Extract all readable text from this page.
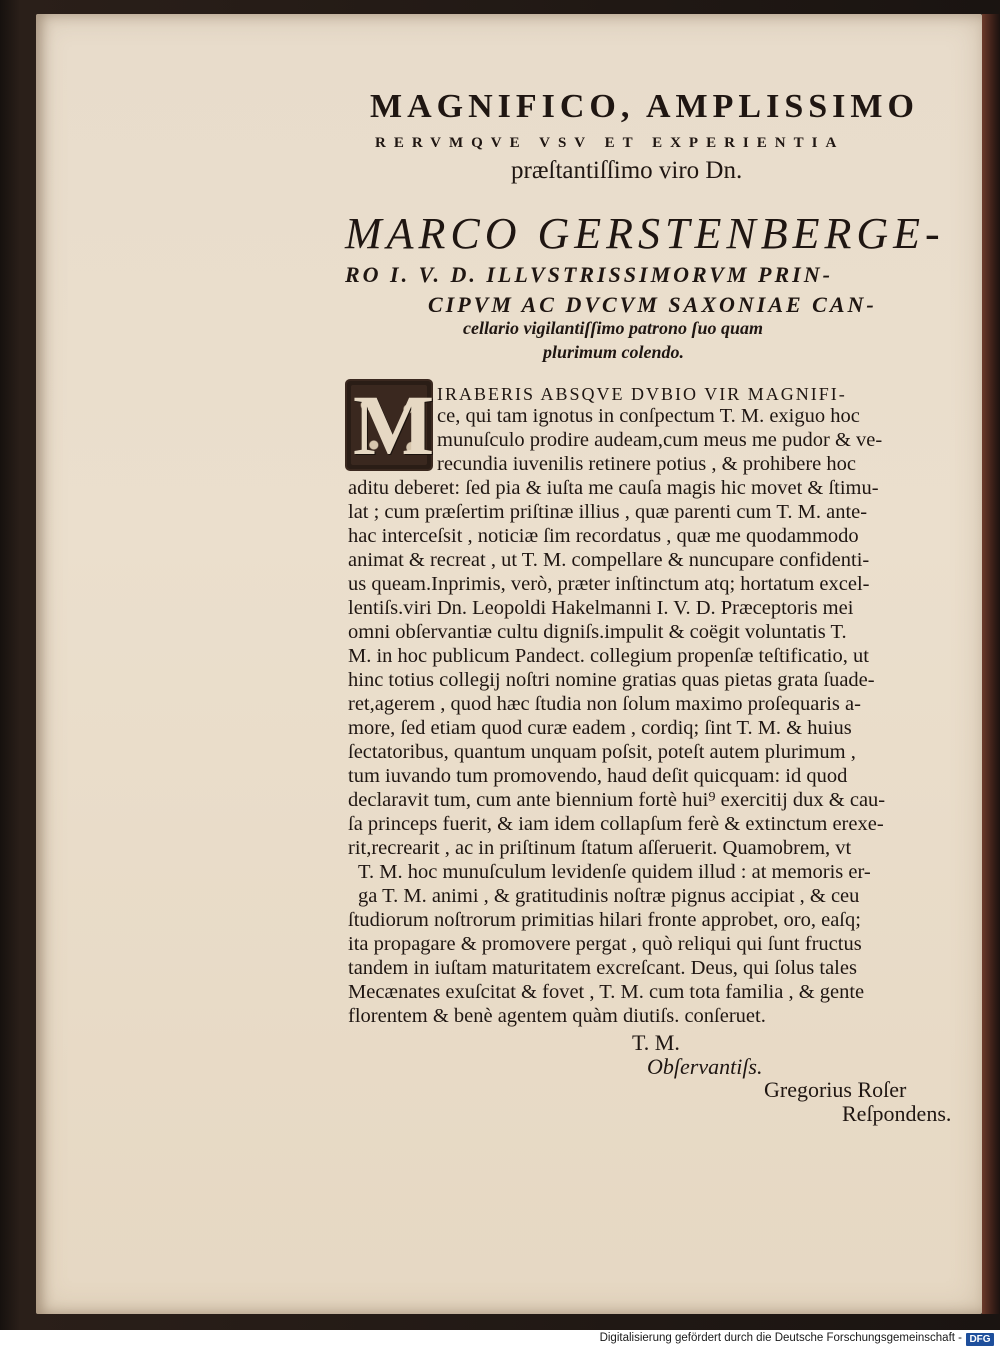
MAGNIFICO, AMPLISSIMO
RERVMQVE VSV ET EXPERIENTIA
præſtantiſſimo viro Dn.
MARCO GERSTENBERGE-
RO I. V. D. ILLVSTRISSIMORVM PRIN-
CIPVM AC DVCVM SAXONIAE CAN-
cellario vigilantiſſimo patrono ſuo quam
plurimum colendo.
M IRABERIS ABSQVE DVBIO VIR MAGNIFI-
ce, qui tam ignotus in conſpectum T. M. exiguo hoc
munuſculo prodire audeam,cum meus me pudor & ve-
recundia iuvenilis retinere potius , & prohibere hoc
aditu deberet: ſed pia & iuſta me cauſa magis hic movet & ſtimu-
lat ; cum præſertim priſtinæ illius , quæ parenti cum T. M. ante-
hac interceſsit , noticiæ ſim recordatus , quæ me quodammodo
animat & recreat , ut T. M. compellare & nuncupare confidenti-
us queam.Inprimis, verò, præter inſtinctum atq; hortatum excel-
lentiſs.viri Dn. Leopoldi Hakelmanni I. V. D. Præceptoris mei
omni obſervantiæ cultu digniſs.impulit & coëgit voluntatis T.
M. in hoc publicum Pandect. collegium propenſæ teſtificatio, ut
hinc totius collegij noſtri nomine gratias quas pietas grata ſuade-
ret,agerem , quod hæc ſtudia non ſolum maximo proſequaris a-
more, ſed etiam quod curæ eadem , cordiq; ſint T. M. & huius
ſectatoribus, quantum unquam poſsit, poteſt autem plurimum ,
tum iuvando tum promovendo, haud deſit quicquam: id quod
declaravit tum, cum ante biennium fortè hui⁹ exercitij dux & cau-
ſa princeps fuerit, & iam idem collapſum ferè & extinctum erexe-
rit,recrearit , ac in priſtinum ſtatum aſſeruerit. Quamobrem, vt
T. M. hoc munuſculum levidenſe quidem illud : at memoris er-
ga T. M. animi , & gratitudinis noſtræ pignus accipiat , & ceu
ſtudiorum noſtrorum primitias hilari fronte approbet, oro, eaſq;
ita propagare & promovere pergat , quò reliqui qui ſunt fructus
tandem in iuſtam maturitatem excreſcant. Deus, qui ſolus tales
Mecænates exuſcitat & fovet , T. M. cum tota familia , & gente
florentem & benè agentem quàm diutiſs. conſeruet.
T. M.
Obſervantiſs.
Gregorius Roſer
Reſpondens.
Digitalisierung gefördert durch die Deutsche Forschungsgemeinschaft - DFG
